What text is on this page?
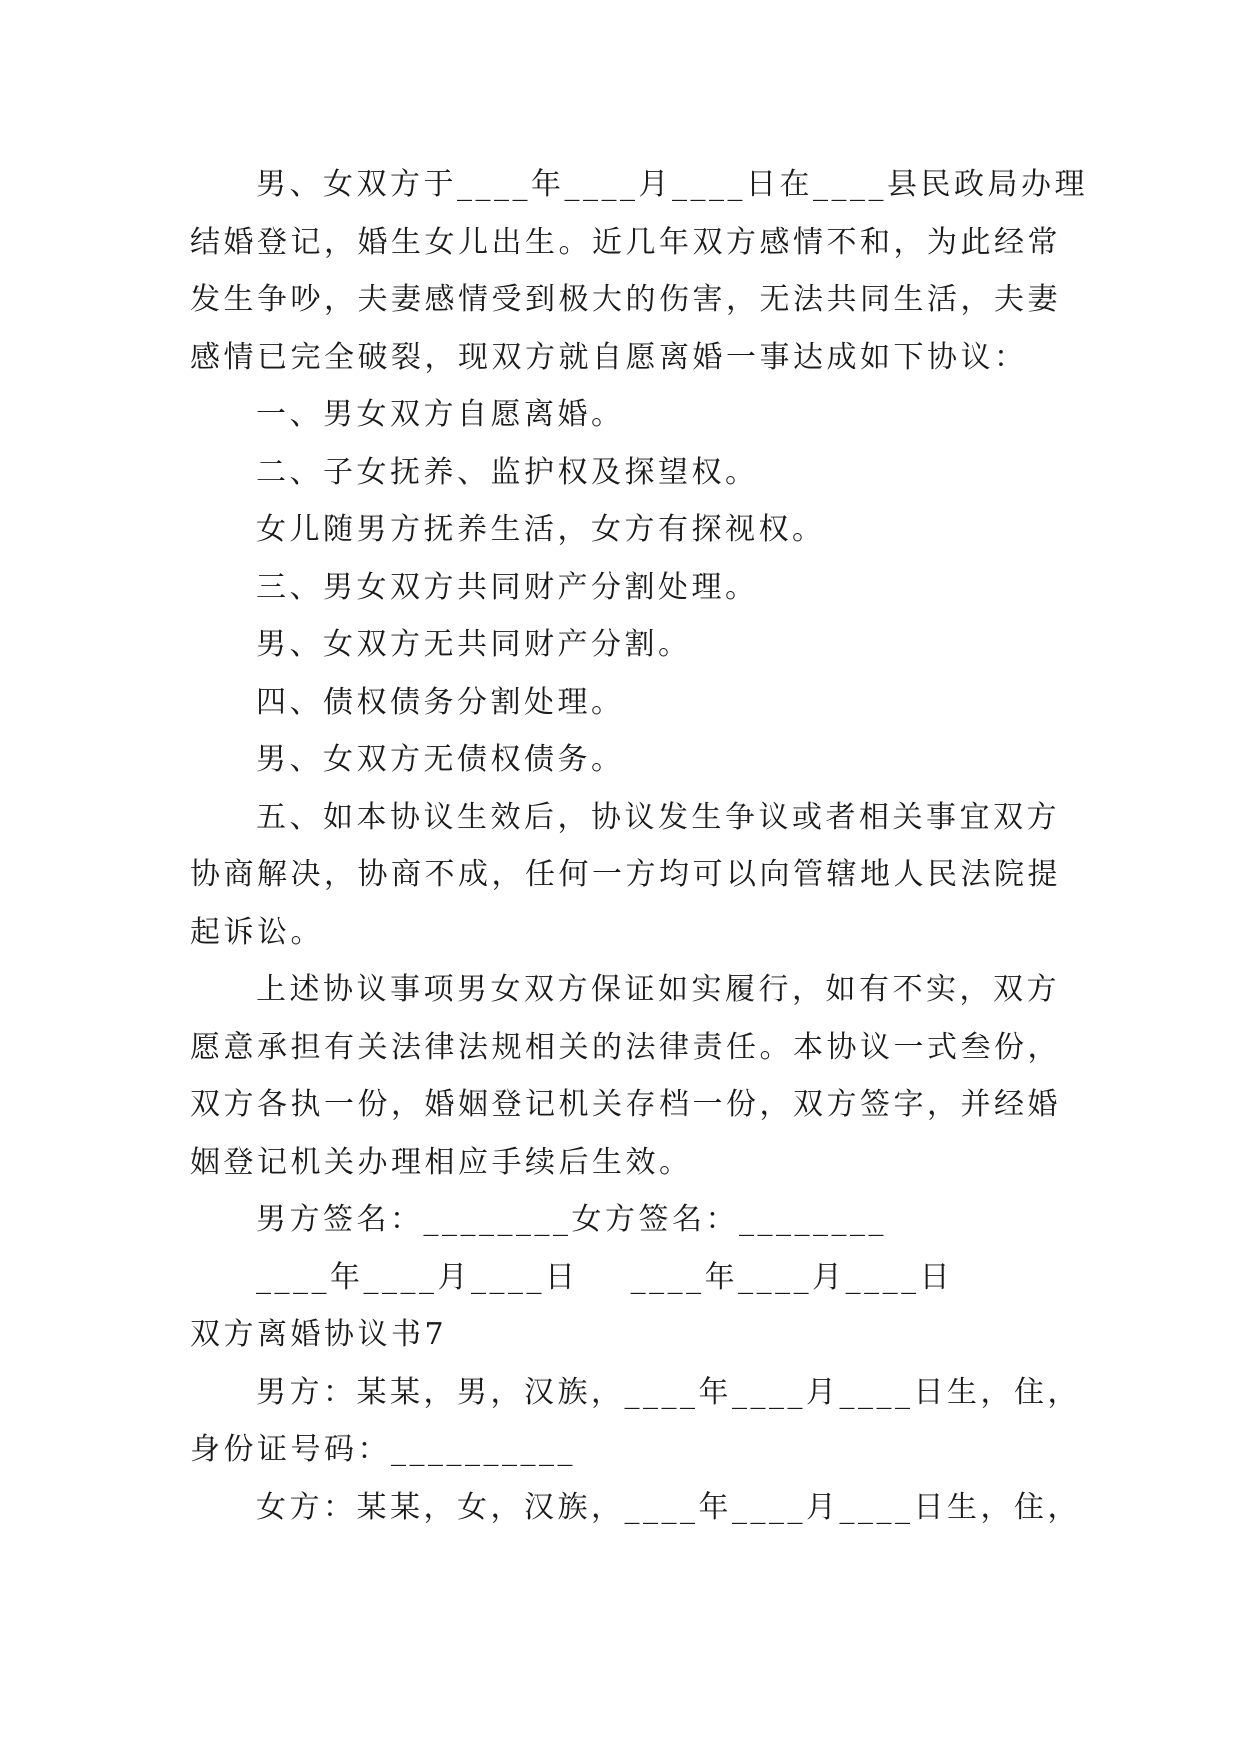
男、女双方于____年____月____日在____县民政局办理
结婚登记，婚生女儿出生。近几年双方感情不和，为此经常
发生争吵，夫妻感情受到极大的伤害，无法共同生活，夫妻
感情已完全破裂，现双方就自愿离婚一事达成如下协议：
一、男女双方自愿离婚。
二、子女抚养、监护权及探望权。
女儿随男方抚养生活，女方有探视权。
三、男女双方共同财产分割处理。
男、女双方无共同财产分割。
四、债权债务分割处理。
男、女双方无债权债务。
五、如本协议生效后，协议发生争议或者相关事宜双方
协商解决，协商不成，任何一方均可以向管辖地人民法院提
起诉讼。
上述协议事项男女双方保证如实履行，如有不实，双方
愿意承担有关法律法规相关的法律责任。本协议一式叁份，
双方各执一份，婚姻登记机关存档一份，双方签字，并经婚
姻登记机关办理相应手续后生效。
男方签名：________女方签名：________
____年____月____日    ____年____月____日
双方离婚协议书7
男方：某某，男，汉族，____年____月____日生，住，
身份证号码：__________
女方：某某，女，汉族，____年____月____日生，住，
